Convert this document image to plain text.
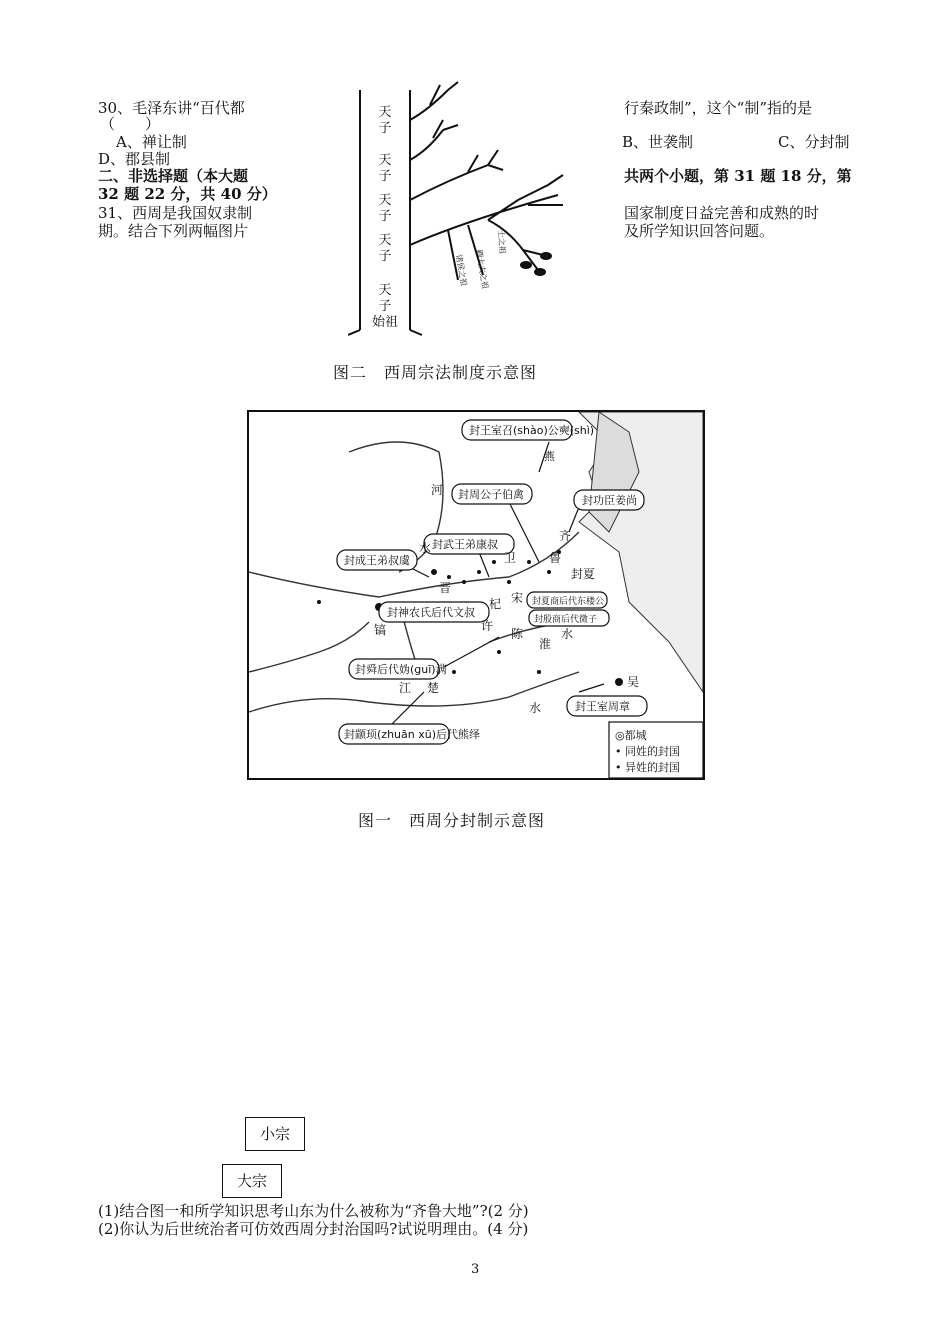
30、毛泽东讲“百代都	行秦政制”，这个“制”指的是
（　　）
A、禅让制	B、世袭制	C、分封制
D、郡县制
二、非选择题（本大题	共两个小题，第 31 题 18 分，第
32 题 22 分，共 40 分）
31、西周是我国奴隶制	国家制度日益完善和成熟的时
期。结合下列两幅图片	及所学知识回答问题。
天
子
天
子
天
子
天
子
天
子
始祖
诸侯之祖 卿大夫之祖
士之祖
图二　西周宗法制度示意图
封王室召(shào)公奭(shì)
燕
封周公子伯禽	封功臣姜尚
封武王弟康叔
封成王弟叔虞
封神农氏后代文叔
封夏商后代东楼公
封殷商后代微子
封舜后代妫(guī)满
封颛顼(zhuān xū)后代熊绎
封王室周章
河
水
卫
晋
镐
齐
鲁
封夏
杞 宋
许
陈
淮
水
江 楚
水
吴
◎都城
• 同姓的封国
• 异姓的封国
图一　西周分封制示意图
小宗
大宗
(1)结合图一和所学知识思考山东为什么被称为“齐鲁大地”?(2 分)
(2)你认为后世统治者可仿效西周分封治国吗?试说明理由。(4 分)
3
